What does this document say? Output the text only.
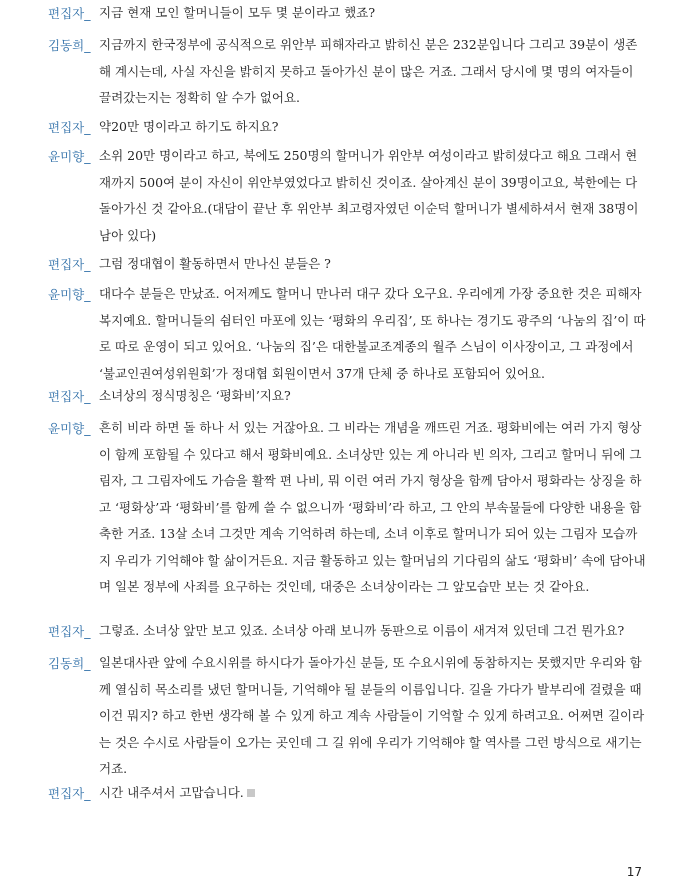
편집자_ 지금 현재 모인 할머니들이 모두 몇 분이라고 했죠?
김동희_ 지금까지 한국정부에 공식적으로 위안부 피해자라고 밝히신 분은 232분입니다 그리고 39분이 생존해 계시는데, 사실 자신을 밝히지 못하고 돌아가신 분이 많은 거죠. 그래서 당시에 몇 명의 여자들이 끌려갔는지는 정확히 알 수가 없어요.
편집자_ 약20만 명이라고 하기도 하지요?
윤미향_ 소위 20만 명이라고 하고, 북에도 250명의 할머니가 위안부 여성이라고 밝히셨다고 해요 그래서 현재까지 500여 분이 자신이 위안부였었다고 밝히신 것이죠. 살아계신 분이 39명이고요, 북한에는 다 돌아가신 것 같아요.(대담이 끝난 후 위안부 최고령자였던 이순덕 할머니가 별세하셔서 현재 38명이 남아 있다)
편집자_ 그럼 정대협이 활동하면서 만나신 분들은 ?
윤미향_ 대다수 분들은 만났죠. 어저께도 할머니 만나러 대구 갔다 오구요. 우리에게 가장 중요한 것은 피해자 복지예요. 할머니들의 쉼터인 마포에 있는 ‘평화의 우리집’, 또 하나는 경기도 광주의 ‘나눔의 집’이 따로 따로 운영이 되고 있어요. ‘나눔의 집’은 대한불교조계종의 월주 스님이 이사장이고, 그 과정에서 ‘불교인권여성위원회’가 정대협 회원이면서 37개 단체 중 하나로 포함되어 있어요.
편집자_ 소녀상의 정식명칭은 ‘평화비’지요?
윤미향_ 흔히 비라 하면 돌 하나 서 있는 거잖아요. 그 비라는 개념을 깨뜨린 거죠. 평화비에는 여러 가지 형상이 함께 포함될 수 있다고 해서 평화비예요. 소녀상만 있는 게 아니라 빈 의자, 그리고 할머니 뒤에 그림자, 그 그림자에도 가슴을 활짝 편 나비, 뭐 이런 여러 가지 형상을 함께 담아서 평화라는 상징을 하고 ‘평화상’과 ‘평화비’를 함께 쓸 수 없으니까 ‘평화비’라 하고, 그 안의 부속물들에 다양한 내용을 함축한 거죠. 13살 소녀 그것만 계속 기억하려 하는데, 소녀 이후로 할머니가 되어 있는 그림자 모습까지 우리가 기억해야 할 삶이거든요. 지금 활동하고 있는 할머님의 기다림의 삶도 ‘평화비’ 속에 담아내며 일본 정부에 사죄를 요구하는 것인데, 대중은 소녀상이라는 그 앞모습만 보는 것 같아요.
편집자_ 그렇죠. 소녀상 앞만 보고 있죠. 소녀상 아래 보니까 동판으로 이름이 새겨져 있던데 그건 뭔가요?
김동희_ 일본대사관 앞에 수요시위를 하시다가 돌아가신 분들, 또 수요시위에 동참하지는 못했지만 우리와 함께 열심히 목소리를 냈던 할머니들, 기억해야 될 분들의 이름입니다. 길을 가다가 발부리에 걸렸을 때 이건 뭐지? 하고 한번 생각해 볼 수 있게 하고 계속 사람들이 기억할 수 있게 하려고요. 어쩌면 길이라는 것은 수시로 사람들이 오가는 곳인데 그 길 위에 우리가 기억해야 할 역사를 그런 방식으로 새기는 거죠.
편집자_ 시간 내주셔서 고맙습니다.
17
